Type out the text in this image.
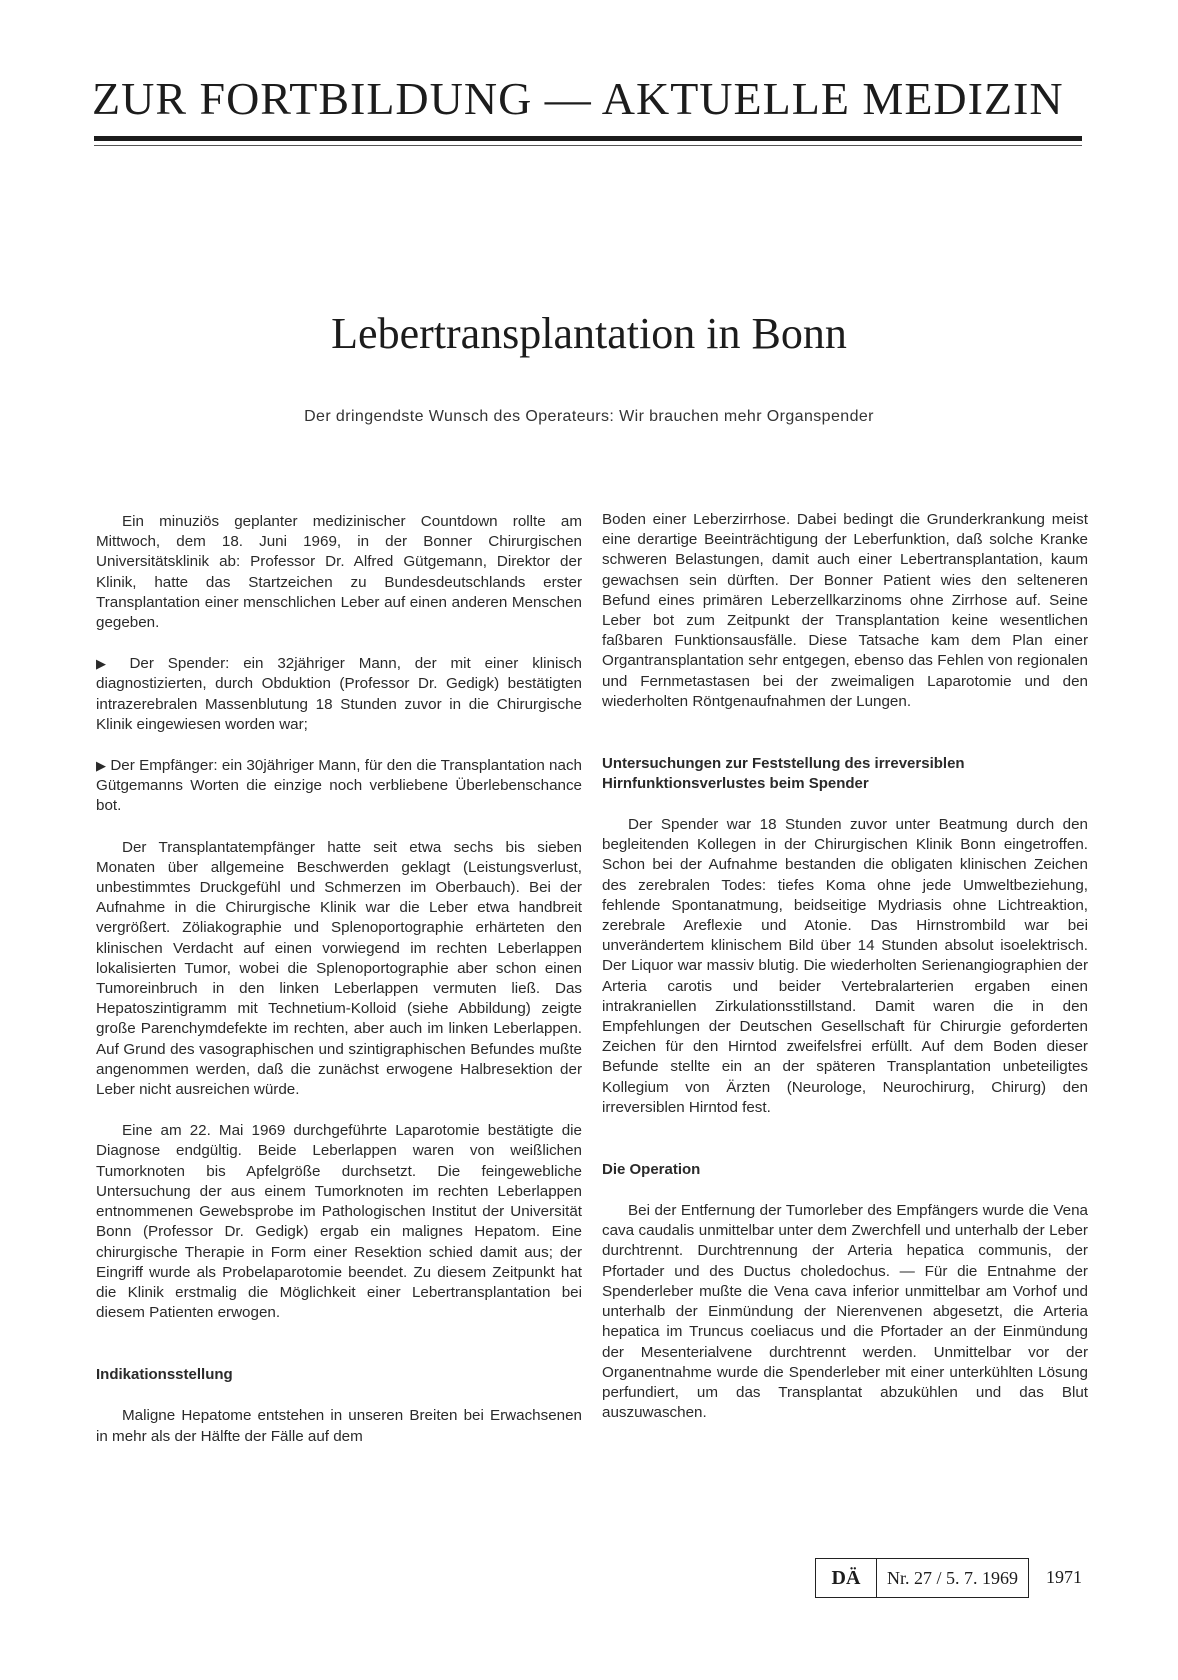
ZUR FORTBILDUNG — AKTUELLE MEDIZIN
Lebertransplantation in Bonn
Der dringendste Wunsch des Operateurs: Wir brauchen mehr Organspender

Ein minuziös geplanter medizinischer Countdown rollte am Mittwoch, dem 18. Juni 1969, in der Bonner Chirurgischen Universitätsklinik ab: Professor Dr. Alfred Gütgemann, Direktor der Klinik, hatte das Startzeichen zu Bundesdeutschlands erster Transplantation einer menschlichen Leber auf einen anderen Menschen gegeben.

▶ Der Spender: ein 32jähriger Mann, der mit einer klinisch diagnostizierten, durch Obduktion (Professor Dr. Gedigk) bestätigten intrazerebralen Massenblutung 18 Stunden zuvor in die Chirurgische Klinik eingewiesen worden war;

▶ Der Empfänger: ein 30jähriger Mann, für den die Transplantation nach Gütgemanns Worten die einzige noch verbliebene Überlebenschance bot.

Der Transplantatempfänger hatte seit etwa sechs bis sieben Monaten über allgemeine Beschwerden geklagt (Leistungsverlust, unbestimmtes Druckgefühl und Schmerzen im Oberbauch). Bei der Aufnahme in die Chirurgische Klinik war die Leber etwa handbreit vergrößert. Zöliakographie und Splenoportographie erhärteten den klinischen Verdacht auf einen vorwiegend im rechten Leberlappen lokalisierten Tumor, wobei die Splenoportographie aber schon einen Tumoreinbruch in den linken Leberlappen vermuten ließ. Das Hepatoszintigramm mit Technetium-Kolloid (siehe Abbildung) zeigte große Parenchymdefekte im rechten, aber auch im linken Leberlappen. Auf Grund des vasographischen und szintigraphischen Befundes mußte angenommen werden, daß die zunächst erwogene Halbresektion der Leber nicht ausreichen würde.

Eine am 22. Mai 1969 durchgeführte Laparotomie bestätigte die Diagnose endgültig. Beide Leberlappen waren von weißlichen Tumorknoten bis Apfelgröße durchsetzt. Die feingewebliche Untersuchung der aus einem Tumorknoten im rechten Leberlappen entnommenen Gewebsprobe im Pathologischen Institut der Universität Bonn (Professor Dr. Gedigk) ergab ein malignes Hepatom. Eine chirurgische Therapie in Form einer Resektion schied damit aus; der Eingriff wurde als Probelaparotomie beendet. Zu diesem Zeitpunkt hat die Klinik erstmalig die Möglichkeit einer Lebertransplantation bei diesem Patienten erwogen.

Indikationsstellung

Maligne Hepatome entstehen in unseren Breiten bei Erwachsenen in mehr als der Hälfte der Fälle auf dem

Boden einer Leberzirrhose. Dabei bedingt die Grunderkrankung meist eine derartige Beeinträchtigung der Leberfunktion, daß solche Kranke schweren Belastungen, damit auch einer Lebertransplantation, kaum gewachsen sein dürften. Der Bonner Patient wies den selteneren Befund eines primären Leberzellkarzinoms ohne Zirrhose auf. Seine Leber bot zum Zeitpunkt der Transplantation keine wesentlichen faßbaren Funktionsausfälle. Diese Tatsache kam dem Plan einer Organtransplantation sehr entgegen, ebenso das Fehlen von regionalen und Fernmetastasen bei der zweimaligen Laparotomie und den wiederholten Röntgenaufnahmen der Lungen.

Untersuchungen zur Feststellung des irreversiblen Hirnfunktionsverlustes beim Spender

Der Spender war 18 Stunden zuvor unter Beatmung durch den begleitenden Kollegen in der Chirurgischen Klinik Bonn eingetroffen. Schon bei der Aufnahme bestanden die obligaten klinischen Zeichen des zerebralen Todes: tiefes Koma ohne jede Umweltbeziehung, fehlende Spontanatmung, beidseitige Mydriasis ohne Lichtreaktion, zerebrale Areflexie und Atonie. Das Hirnstrombild war bei unverändertem klinischem Bild über 14 Stunden absolut isoelektrisch. Der Liquor war massiv blutig. Die wiederholten Serienangiographien der Arteria carotis und beider Vertebralarterien ergaben einen intrakraniellen Zirkulationsstillstand. Damit waren die in den Empfehlungen der Deutschen Gesellschaft für Chirurgie geforderten Zeichen für den Hirntod zweifelsfrei erfüllt. Auf dem Boden dieser Befunde stellte ein an der späteren Transplantation unbeteiligtes Kollegium von Ärzten (Neurologe, Neurochirurg, Chirurg) den irreversiblen Hirntod fest.

Die Operation

Bei der Entfernung der Tumorleber des Empfängers wurde die Vena cava caudalis unmittelbar unter dem Zwerchfell und unterhalb der Leber durchtrennt. Durchtrennung der Arteria hepatica communis, der Pfortader und des Ductus choledochus. — Für die Entnahme der Spenderleber mußte die Vena cava inferior unmittelbar am Vorhof und unterhalb der Einmündung der Nierenvenen abgesetzt, die Arteria hepatica im Truncus coeliacus und die Pfortader an der Einmündung der Mesenterialvene durchtrennt werden. Unmittelbar vor der Organentnahme wurde die Spenderleber mit einer unterkühlten Lösung perfundiert, um das Transplantat abzukühlen und das Blut auszuwaschen.

DÄ	Nr. 27 / 5. 7. 1969	1971
